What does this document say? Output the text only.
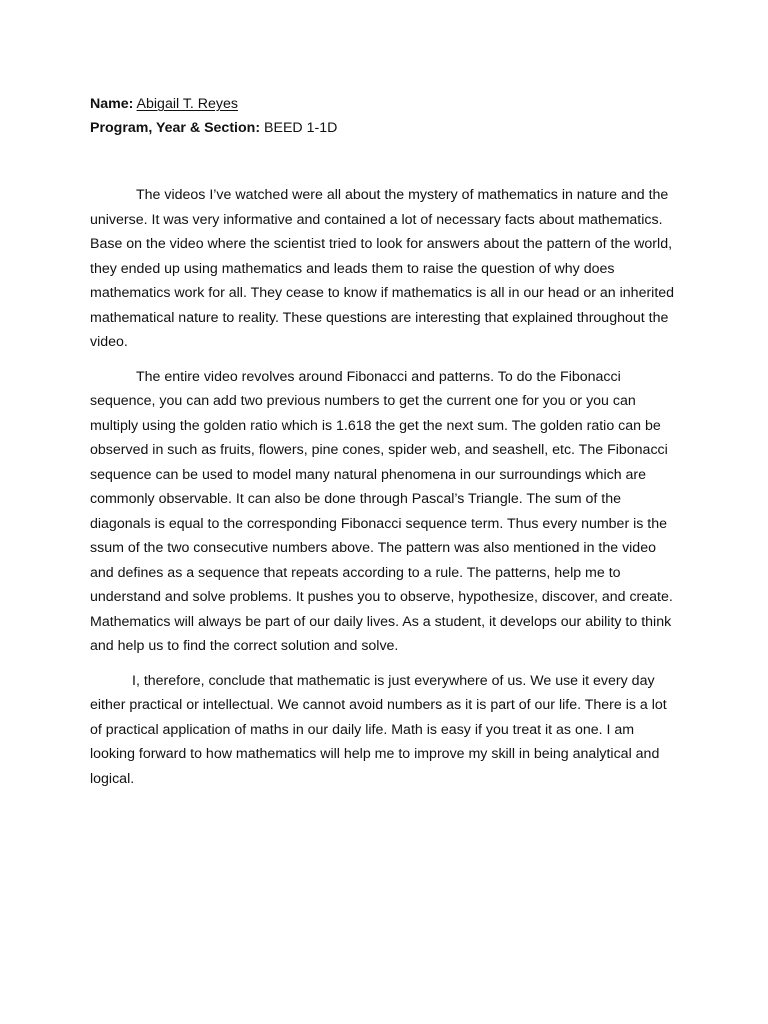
Name: Abigail T. Reyes
Program, Year & Section: BEED 1-1D

The videos I’ve watched were all about the mystery of mathematics in nature and the universe. It was very informative and contained a lot of necessary facts about mathematics. Base on the video where the scientist tried to look for answers about the pattern of the world, they ended up using mathematics and leads them to raise the question of why does mathematics work for all. They cease to know if mathematics is all in our head or an inherited mathematical nature to reality. These questions are interesting that explained throughout the video.

The entire video revolves around Fibonacci and patterns. To do the Fibonacci sequence, you can add two previous numbers to get the current one for you or you can multiply using the golden ratio which is 1.618 the get the next sum. The golden ratio can be observed in such as fruits, flowers, pine cones, spider web, and seashell, etc. The Fibonacci sequence can be used to model many natural phenomena in our surroundings which are commonly observable. It can also be done through Pascal’s Triangle. The sum of the diagonals is equal to the corresponding Fibonacci sequence term. Thus every number is the ssum of the two consecutive numbers above. The pattern was also mentioned in the video and defines as a sequence that repeats according to a rule. The patterns, help me to understand and solve problems. It pushes you to observe, hypothesize, discover, and create. Mathematics will always be part of our daily lives. As a student, it develops our ability to think and help us to find the correct solution and solve.

I, therefore, conclude that mathematic is just everywhere of us. We use it every day either practical or intellectual. We cannot avoid numbers as it is part of our life. There is a lot of practical application of maths in our daily life. Math is easy if you treat it as one. I am looking forward to how mathematics will help me to improve my skill in being analytical and logical.
